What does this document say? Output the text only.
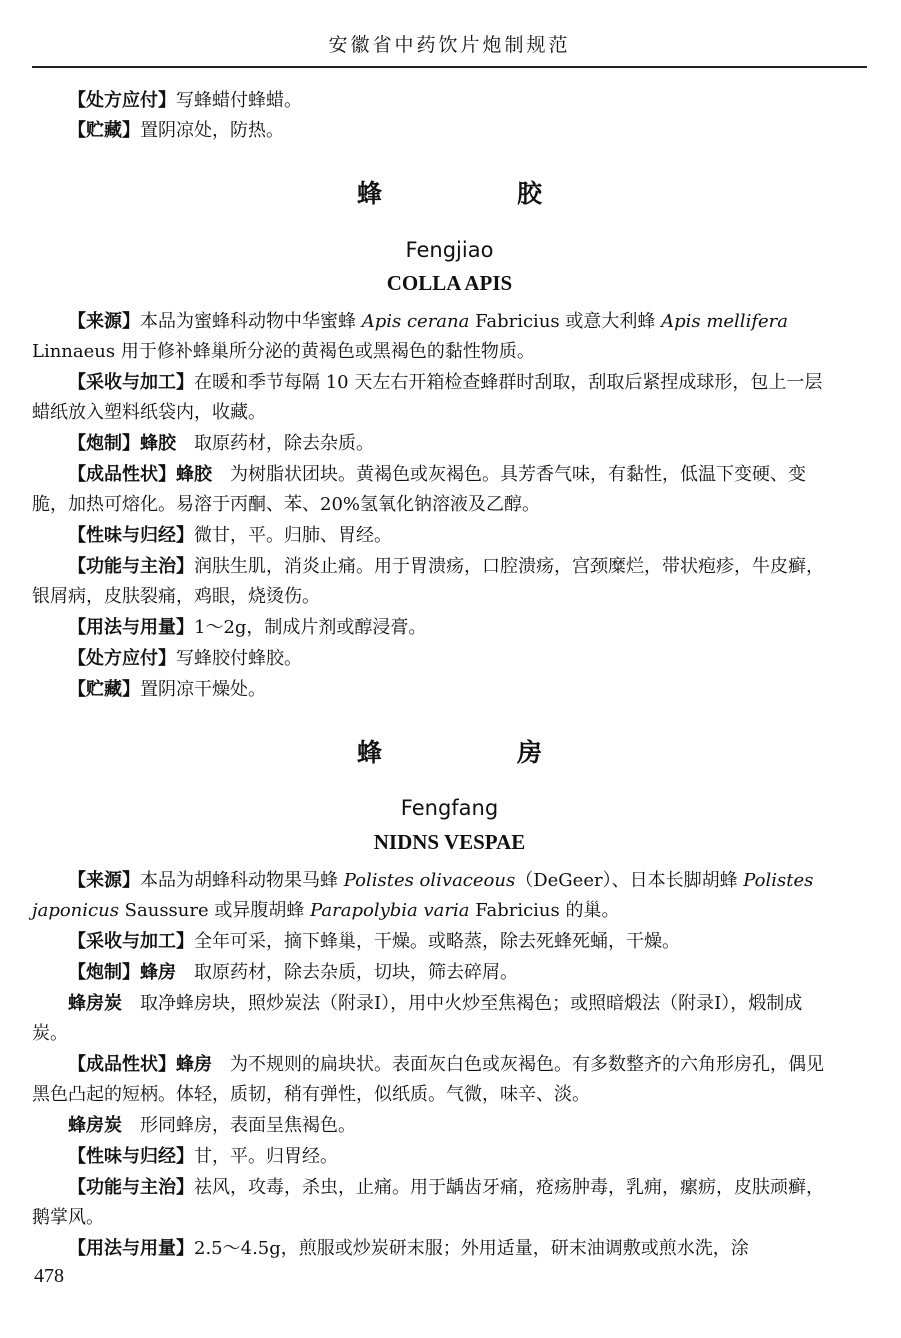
安徽省中药饮片炮制规范
【处方应付】写蜂蜡付蜂蜡。
【贮藏】置阴凉处，防热。
蜂　胶
Fengjiao
COLLA APIS
【来源】本品为蜜蜂科动物中华蜜蜂 Apis cerana Fabricius 或意大利蜂 Apis mellifera Linnaeus 用于修补蜂巢所分泌的黄褐色或黑褐色的黏性物质。
【采收与加工】在暖和季节每隔 10 天左右开箱检查蜂群时刮取，刮取后紧捏成球形，包上一层蜡纸放入塑料纸袋内，收藏。
【炮制】蜂胶　取原药材，除去杂质。
【成品性状】蜂胶　为树脂状团块。黄褐色或灰褐色。具芳香气味，有黏性，低温下变硬、变脆，加热可熔化。易溶于丙酮、苯、20%氢氧化钠溶液及乙醇。
【性味与归经】微甘，平。归肺、胃经。
【功能与主治】润肤生肌，消炎止痛。用于胃溃疡，口腔溃疡，宫颈糜烂，带状疱疹，牛皮癣，银屑病，皮肤裂痛，鸡眼，烧烫伤。
【用法与用量】1～2g，制成片剂或醇浸膏。
【处方应付】写蜂胶付蜂胶。
【贮藏】置阴凉干燥处。
蜂　房
Fengfang
NIDNS VESPAE
【来源】本品为胡蜂科动物果马蜂 Polistes olivaceous（DeGeer）、日本长脚胡蜂 Polistes japonicus Saussure 或异腹胡蜂 Parapolybia varia Fabricius 的巢。
【采收与加工】全年可采，摘下蜂巢，干燥。或略蒸，除去死蜂死蛹，干燥。
【炮制】蜂房　取原药材，除去杂质，切块，筛去碎屑。
蜂房炭　取净蜂房块，照炒炭法（附录Ⅰ），用中火炒至焦褐色；或照暗煅法（附录Ⅰ），煅制成炭。
【成品性状】蜂房　为不规则的扁块状。表面灰白色或灰褐色。有多数整齐的六角形房孔，偶见黑色凸起的短柄。体轻，质韧，稍有弹性，似纸质。气微，味辛、淡。
蜂房炭　形同蜂房，表面呈焦褐色。
【性味与归经】甘，平。归胃经。
【功能与主治】祛风，攻毒，杀虫，止痛。用于龋齿牙痛，疮疡肿毒，乳痈，瘰疬，皮肤顽癣，鹅掌风。
【用法与用量】2.5～4.5g，煎服或炒炭研末服；外用适量，研末油调敷或煎水洗，涂
478
